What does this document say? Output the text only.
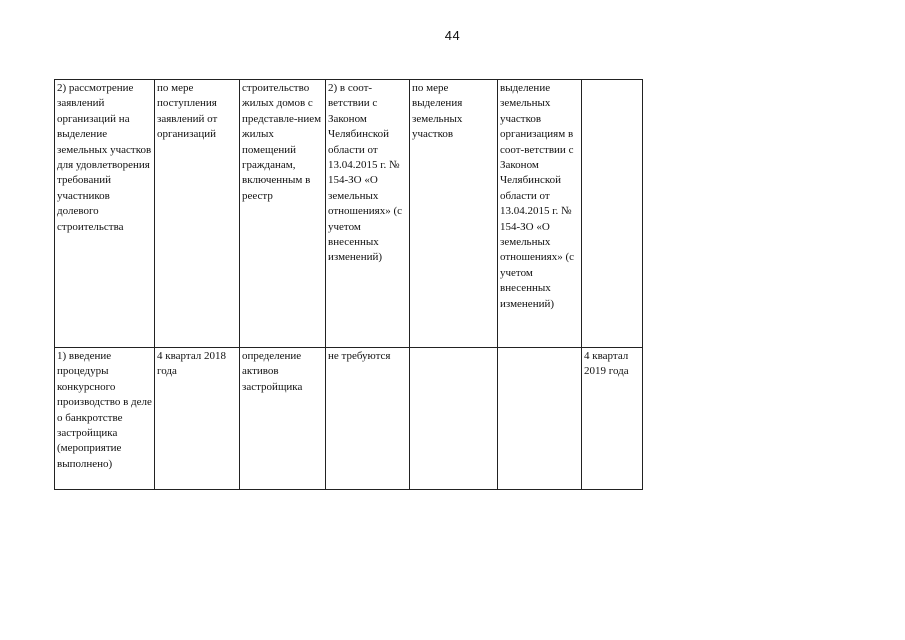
44
2) рассмотрение заявлений организаций на выделение земельных участков для удовлетворения требований участников долевого строительства	по мере поступления заявлений от организаций	строительство жилых домов с представле-нием жилых помещений гражданам, включенным в реестр	2) в соот-ветствии с Законом Челябинской области от 13.04.2015 г. № 154-ЗО «О земельных отношениях» (с учетом внесенных изменений)	по мере выделения земельных участков	выделение земельных участков организациям в соот-ветствии с Законом Челябинской области от 13.04.2015 г. № 154-ЗО «О земельных отношениях» (с учетом внесенных изменений)	
1) введение процедуры конкурсного производство в деле о банкротстве застройщика (мероприятие выполнено)	4 квартал 2018 года	определение активов застройщика	не требуются			4 квартал 2019 года
